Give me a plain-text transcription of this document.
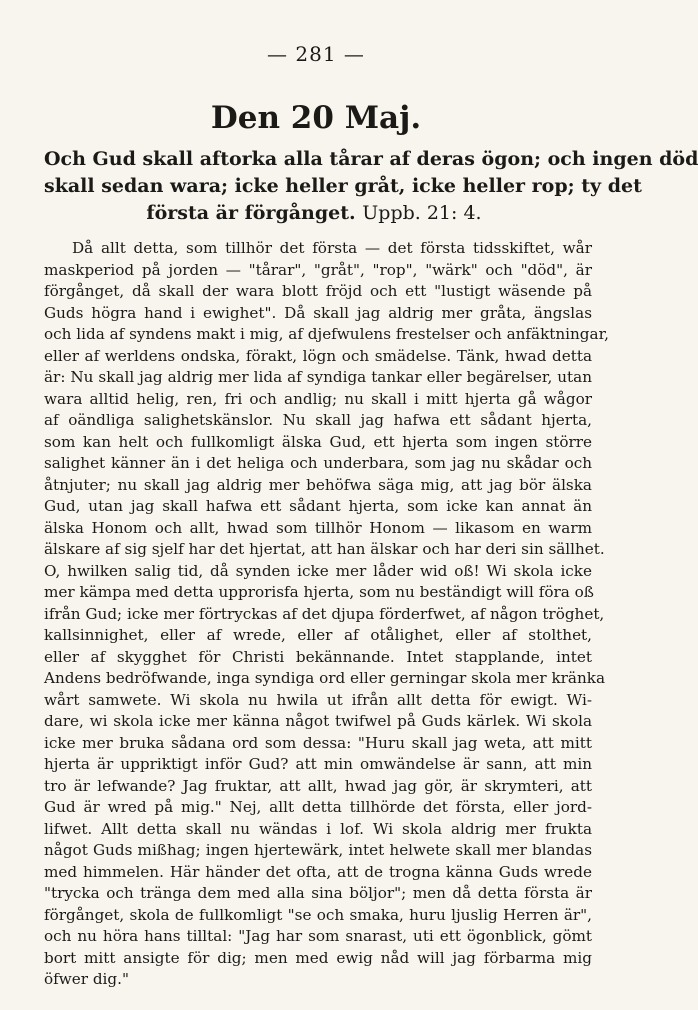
— 281 —
Den 20 Maj.
Och Gud skall aftorka alla tårar af deras ögon; och ingen död
skall sedan wara; icke heller gråt, icke heller rop; ty det
första är förgånget. Uppb. 21: 4.
Då allt detta, som tillhör det första — det första tidsskiftet, wår
maskperiod på jorden — "tårar", "gråt", "rop", "wärk" och "död", är
förgånget, då skall der wara blott fröjd och ett "lustigt wäsende på
Guds högra hand i ewighet". Då skall jag aldrig mer gråta, ängslas
och lida af syndens makt i mig, af djefwulens frestelser och anfäktningar,
eller af werldens ondska, förakt, lögn och smädelse. Tänk, hwad detta
är: Nu skall jag aldrig mer lida af syndiga tankar eller begärelser, utan
wara alltid helig, ren, fri och andlig; nu skall i mitt hjerta gå wågor
af oändliga salighetskänslor. Nu skall jag hafwa ett sådant hjerta,
som kan helt och fullkomligt älska Gud, ett hjerta som ingen större
salighet känner än i det heliga och underbara, som jag nu skådar och
åtnjuter; nu skall jag aldrig mer behöfwa säga mig, att jag bör älska
Gud, utan jag skall hafwa ett sådant hjerta, som icke kan annat än
älska Honom och allt, hwad som tillhör Honom — likasom en warm
älskare af sig sjelf har det hjertat, att han älskar och har deri sin sällhet.
O, hwilken salig tid, då synden icke mer låder wid oß! Wi skola icke
mer kämpa med detta upprorisfa hjerta, som nu beständigt will föra oß
ifrån Gud; icke mer förtryckas af det djupa förderfwet, af någon tröghet,
kallsinnighet, eller af wrede, eller af otålighet, eller af stolthet,
eller af skygghet för Christi bekännande. Intet stapplande, intet
Andens bedröfwande, inga syndiga ord eller gerningar skola mer kränka
wårt samwete. Wi skola nu hwila ut ifrån allt detta för ewigt. Wi-
dare, wi skola icke mer känna något twifwel på Guds kärlek. Wi skola
icke mer bruka sådana ord som dessa: "Huru skall jag weta, att mitt
hjerta är uppriktigt inför Gud? att min omwändelse är sann, att min
tro är lefwande? Jag fruktar, att allt, hwad jag gör, är skrymteri, att
Gud är wred på mig." Nej, allt detta tillhörde det första, eller jord-
lifwet. Allt detta skall nu wändas i lof. Wi skola aldrig mer frukta
något Guds mißhag; ingen hjertewärk, intet helwete skall mer blandas
med himmelen. Här händer det ofta, att de trogna känna Guds wrede
"trycka och tränga dem med alla sina böljor"; men då detta första är
förgånget, skola de fullkomligt "se och smaka, huru ljuslig Herren är",
och nu höra hans tilltal: "Jag har som snarast, uti ett ögonblick, gömt
bort mitt ansigte för dig; men med ewig nåd will jag förbarma mig
öfwer dig."
